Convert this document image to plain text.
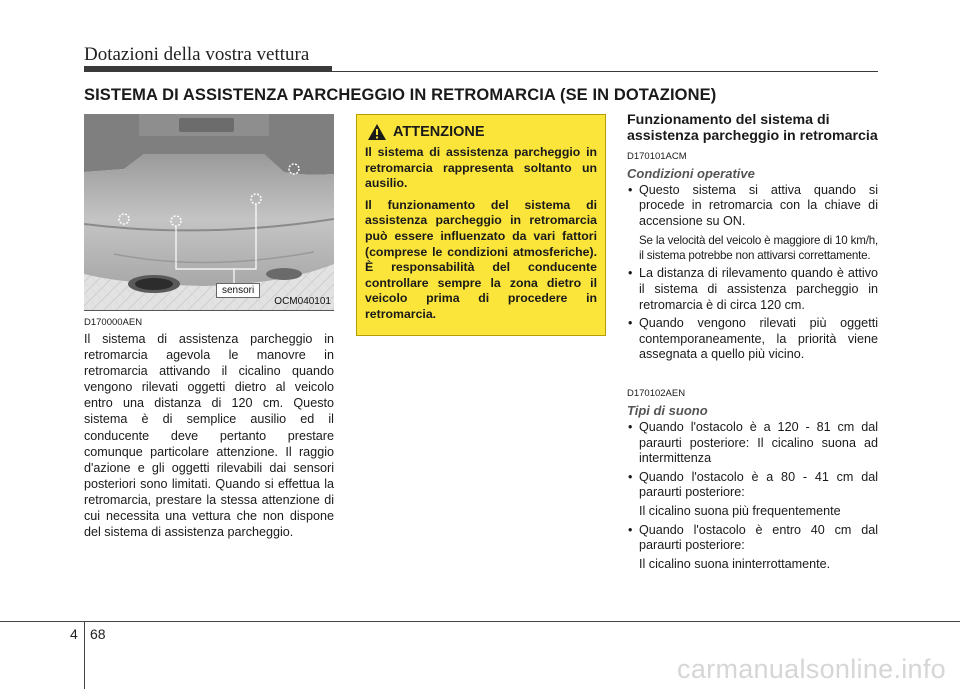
Dotazioni della vostra vettura
SISTEMA DI ASSISTENZA PARCHEGGIO IN RETROMARCIA (SE IN DOTAZIONE)
OCM040101
sensori
D170000AEN
Il sistema di assistenza parcheggio in retromarcia agevola le manovre in retromarcia attivando il cicalino quando vengono rilevati oggetti dietro al veicolo entro una distanza di 120 cm. Questo sistema è di semplice ausilio ed il conducente deve pertanto prestare comunque particolare attenzione. Il raggio d'azione e gli oggetti rilevabili dai sensori posteriori sono limitati. Quando si effettua la retromarcia, prestare la stessa attenzione di cui necessita una vettura che non dispone del sistema di assistenza parcheggio.
ATTENZIONE

Il sistema di assistenza parcheggio in retromarcia rappresenta soltanto un ausilio.

Il funzionamento del sistema di assistenza parcheggio in retromarcia può essere influenzato da vari fattori (comprese le condizioni atmosferiche). È responsabilità del conducente controllare sempre la zona dietro il veicolo prima di procedere in retromarcia.

Funzionamento del sistema di assistenza parcheggio in retromarcia
D170101ACM
Condizioni operative
• Questo sistema si attiva quando si procede in retromarcia con la chiave di accensione su ON.
Se la velocità del veicolo è maggiore di 10 km/h, il sistema potrebbe non attivarsi correttamente.
• La distanza di rilevamento quando è attivo il sistema di assistenza parcheggio in retromarcia è di circa 120 cm.
• Quando vengono rilevati più oggetti contemporaneamente, la priorità viene assegnata a quello più vicino.
D170102AEN
Tipi di suono
• Quando l'ostacolo è a 120 - 81 cm dal paraurti posteriore: Il cicalino suona ad intermittenza
• Quando l'ostacolo è a 80 - 41 cm dal paraurti posteriore:
Il cicalino suona più frequentemente
• Quando l'ostacolo è entro 40 cm dal paraurti posteriore:
Il cicalino suona ininterrottamente.
4 68
carmanualsonline.info
